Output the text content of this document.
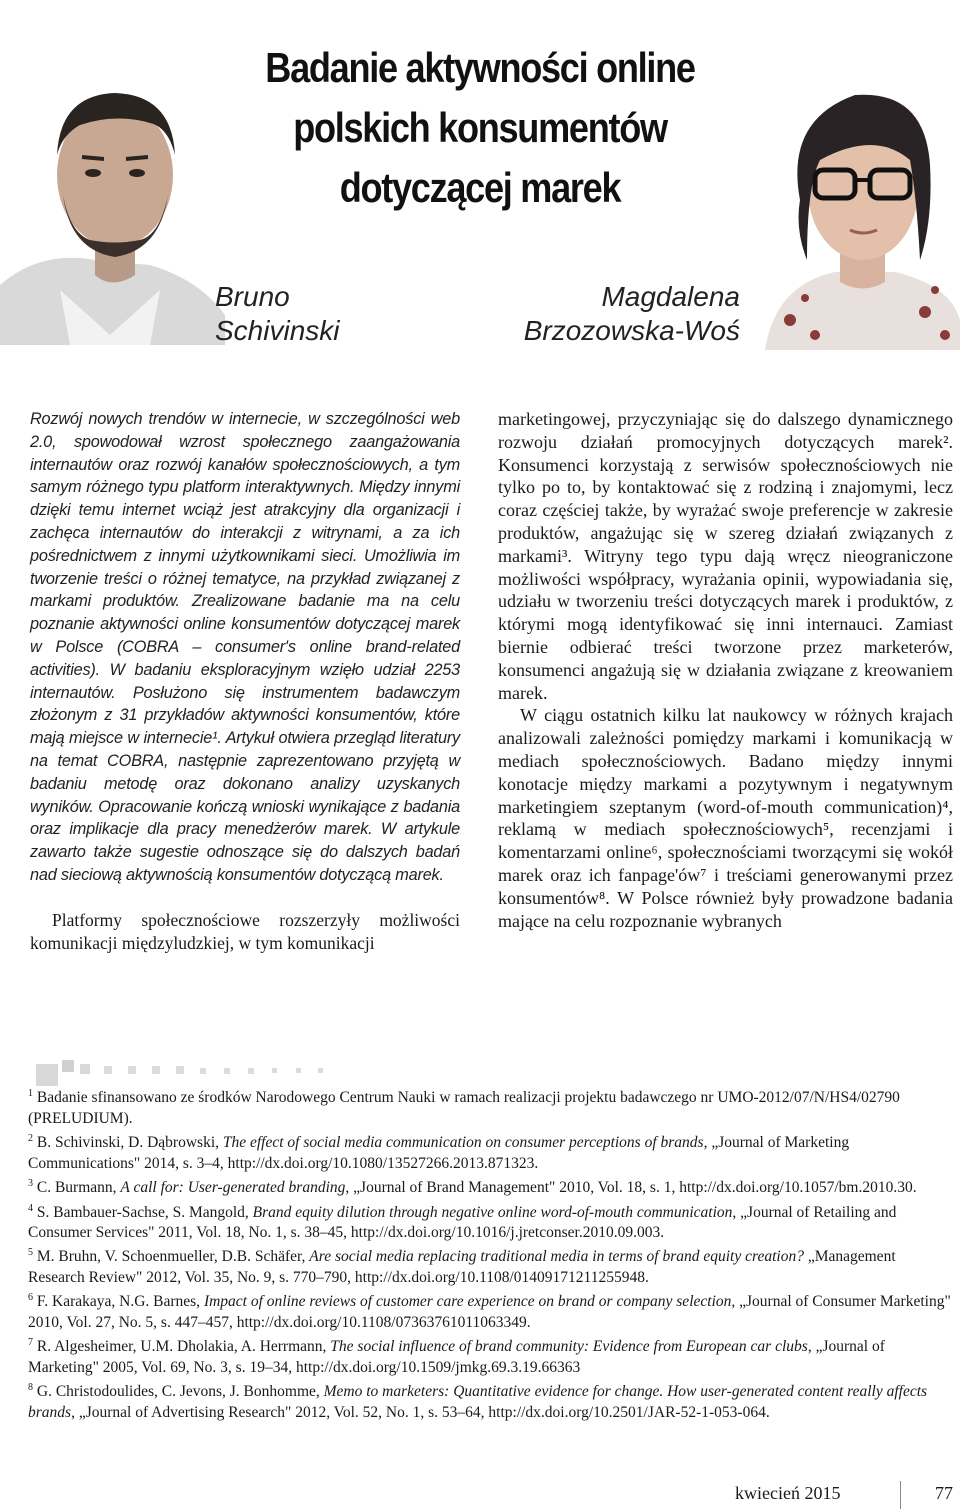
Badanie aktywności online
polskich konsumentów
dotyczącej marek
Bruno
Schivinski
Magdalena
Brzozowska-Woś

Rozwój nowych trendów w internecie, w szczególności web 2.0, spowodował wzrost społecznego zaangażowania internautów oraz rozwój kanałów społecznościowych, a tym samym różnego typu platform interaktywnych. Między innymi dzięki temu internet wciąż jest atrakcyjny dla organizacji i zachęca internautów do interakcji z witrynami, a za ich pośrednictwem z innymi użytkownikami sieci. Umożliwia im tworzenie treści o różnej tematyce, na przykład związanej z markami produktów. Zrealizowane badanie ma na celu poznanie aktywności online konsumentów dotyczącej marek w Polsce (COBRA – consumer's online brand-related activities). W badaniu eksploracyjnym wzięło udział 2253 internautów. Posłużono się instrumentem badawczym złożonym z 31 przykładów aktywności konsumentów, które mają miejsce w internecie¹. Artykuł otwiera przegląd literatury na temat COBRA, następnie zaprezentowano przyjętą w badaniu metodę oraz dokonano analizy uzyskanych wyników. Opracowanie kończą wnioski wynikające z badania oraz implikacje dla pracy menedżerów marek. W artykule zawarto także sugestie odnoszące się do dalszych badań nad sieciową aktywnością konsumentów dotyczącą marek.

Platformy społecznościowe rozszerzyły możliwości komunikacji międzyludzkiej, w tym komunikacji

marketingowej, przyczyniając się do dalszego dynamicznego rozwoju działań promocyjnych dotyczących marek². Konsumenci korzystają z serwisów społecznościowych nie tylko po to, by kontaktować się z rodziną i znajomymi, lecz coraz częściej także, by wyrażać swoje preferencje w zakresie produktów, angażując się w szereg działań związanych z markami³. Witryny tego typu dają wręcz nieograniczone możliwości współpracy, wyrażania opinii, wypowiadania się, udziału w tworzeniu treści dotyczących marek i produktów, z którymi mogą identyfikować się inni internauci. Zamiast biernie odbierać treści tworzone przez marketerów, konsumenci angażują się w działania związane z kreowaniem marek.

W ciągu ostatnich kilku lat naukowcy w różnych krajach analizowali zależności pomiędzy markami i komunikacją w mediach społecznościowych. Badano między innymi konotacje między markami a pozytywnym i negatywnym marketingiem szeptanym (word-of-mouth communication)⁴, reklamą w mediach społecznościowych⁵, recenzjami i komentarzami online⁶, społecznościami tworzącymi się wokół marek oraz ich fanpage'ów⁷ i treściami generowanymi przez konsumentów⁸. W Polsce również były prowadzone badania mające na celu rozpoznanie wybranych

$^1$ Badanie sfinansowano ze środków Narodowego Centrum Nauki w ramach realizacji projektu badawczego nr UMO-2012/07/N/HS4/02790 (PRELUDIUM).

$^2$ B. Schivinski, D. Dąbrowski, The effect of social media communication on consumer perceptions of brands, „Journal of Marketing Communications" 2014, s. 3–4, http://dx.doi.org/10.1080/13527266.2013.871323.

$^3$ C. Burmann, A call for: User-generated branding, „Journal of Brand Management" 2010, Vol. 18, s. 1, http://dx.doi.org/10.1057/bm.2010.30.

$^4$ S. Bambauer-Sachse, S. Mangold, Brand equity dilution through negative online word-of-mouth communication, „Journal of Retailing and Consumer Services" 2011, Vol. 18, No. 1, s. 38–45, http://dx.doi.org/10.1016/j.jretconser.2010.09.003.

$^5$ M. Bruhn, V. Schoenmueller, D.B. Schäfer, Are social media replacing traditional media in terms of brand equity creation? „Management Research Review" 2012, Vol. 35, No. 9, s. 770–790, http://dx.doi.org/10.1108/01409171211255948.

$^6$ F. Karakaya, N.G. Barnes, Impact of online reviews of customer care experience on brand or company selection, „Journal of Consumer Marketing" 2010, Vol. 27, No. 5, s. 447–457, http://dx.doi.org/10.1108/07363761011063349.

$^7$ R. Algesheimer, U.M. Dholakia, A. Herrmann, The social influence of brand community: Evidence from European car clubs, „Journal of Marketing" 2005, Vol. 69, No. 3, s. 19–34, http://dx.doi.org/10.1509/jmkg.69.3.19.66363

$^8$ G. Christodoulides, C. Jevons, J. Bonhomme, Memo to marketers: Quantitative evidence for change. How user-generated content really affects brands, „Journal of Advertising Research" 2012, Vol. 52, No. 1, s. 53–64, http://dx.doi.org/10.2501/JAR-52-1-053-064.

kwiecień 2015	77
